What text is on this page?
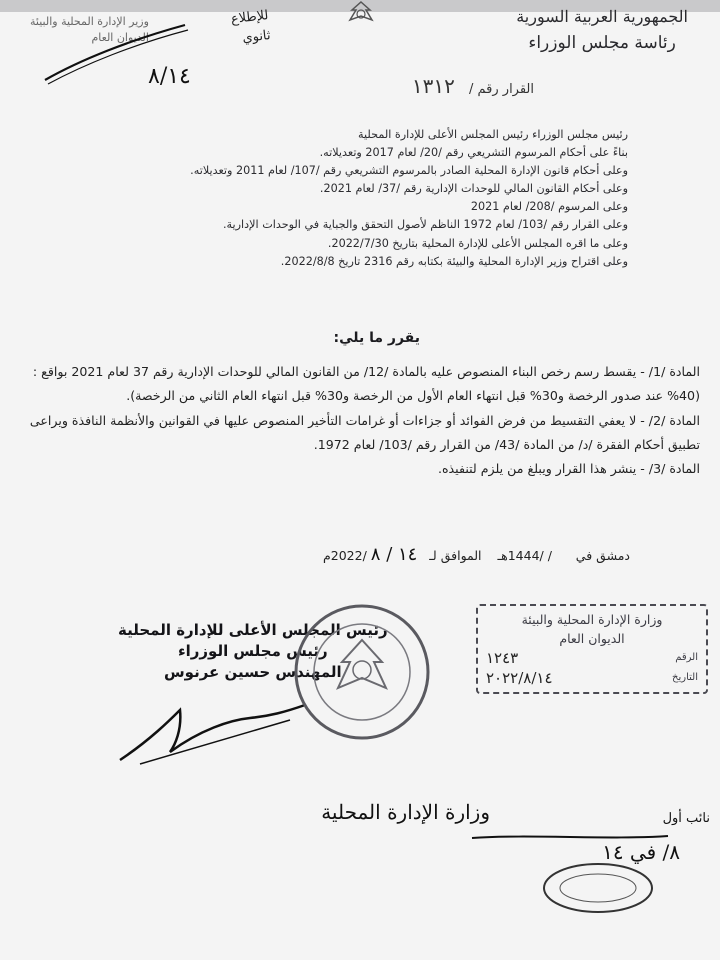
الجمهورية العربية السورية
رئاسة مجلس الوزراء
وزير الإدارة المحلية والبيئة
الديوان العام
للإطلاع
ثانوي
القرار رقم / ١٣١٢
٨/١٤
رئيس مجلس الوزراء رئيس المجلس الأعلى للإدارة المحلية
بناءً على أحكام المرسوم التشريعي رقم /20/ لعام 2017 وتعديلاته.
وعلى أحكام قانون الإدارة المحلية الصادر بالمرسوم التشريعي رقم /107/ لعام 2011 وتعديلاته.
وعلى أحكام القانون المالي للوحدات الإدارية رقم /37/ لعام 2021.
وعلى المرسوم /208/ لعام 2021
وعلى القرار رقم /103/ لعام 1972 الناظم لأصول التحقق والجباية في الوحدات الإدارية.
وعلى ما اقره المجلس الأعلى للإدارة المحلية بتاريخ 2022/7/30.
وعلى اقتراح وزير الإدارة المحلية والبيئة بكتابه رقم 2316 تاريخ 2022/8/8.
يقرر ما يلي:

المادة /1/ - يقسط رسم رخص البناء المنصوص عليه بالمادة /12/ من القانون المالي للوحدات الإدارية رقم 37 لعام 2021 بواقع : (40% عند صدور الرخصة و30% قبل انتهاء العام الأول من الرخصة و30% قبل انتهاء العام الثاني من الرخصة).

المادة /2/ - لا يعفي التقسيط من فرض الفوائد أو جزاءات أو غرامات التأخير المنصوص عليها في القوانين والأنظمة النافذة ويراعى تطبيق أحكام الفقرة /د/ من المادة /43/ من القرار رقم /103/ لعام 1972.

المادة /3/ - ينشر هذا القرار ويبلغ من يلزم لتنفيذه.

دمشق في      / /1444هـ    الموافق لـ   ١٤ / ٨ /2022م
رئيس المجلس الأعلى للإدارة المحلية
رئيس مجلس الوزراء
المهندس حسين عرنوس
وزارة الإدارة المحلية والبيئة
الديوان العام
الرقم
١٢٤٣
التاريخ
٢٠٢٢/٨/١٤
وزارة الإدارة المحلية	نائب أول
٨/ في ١٤
